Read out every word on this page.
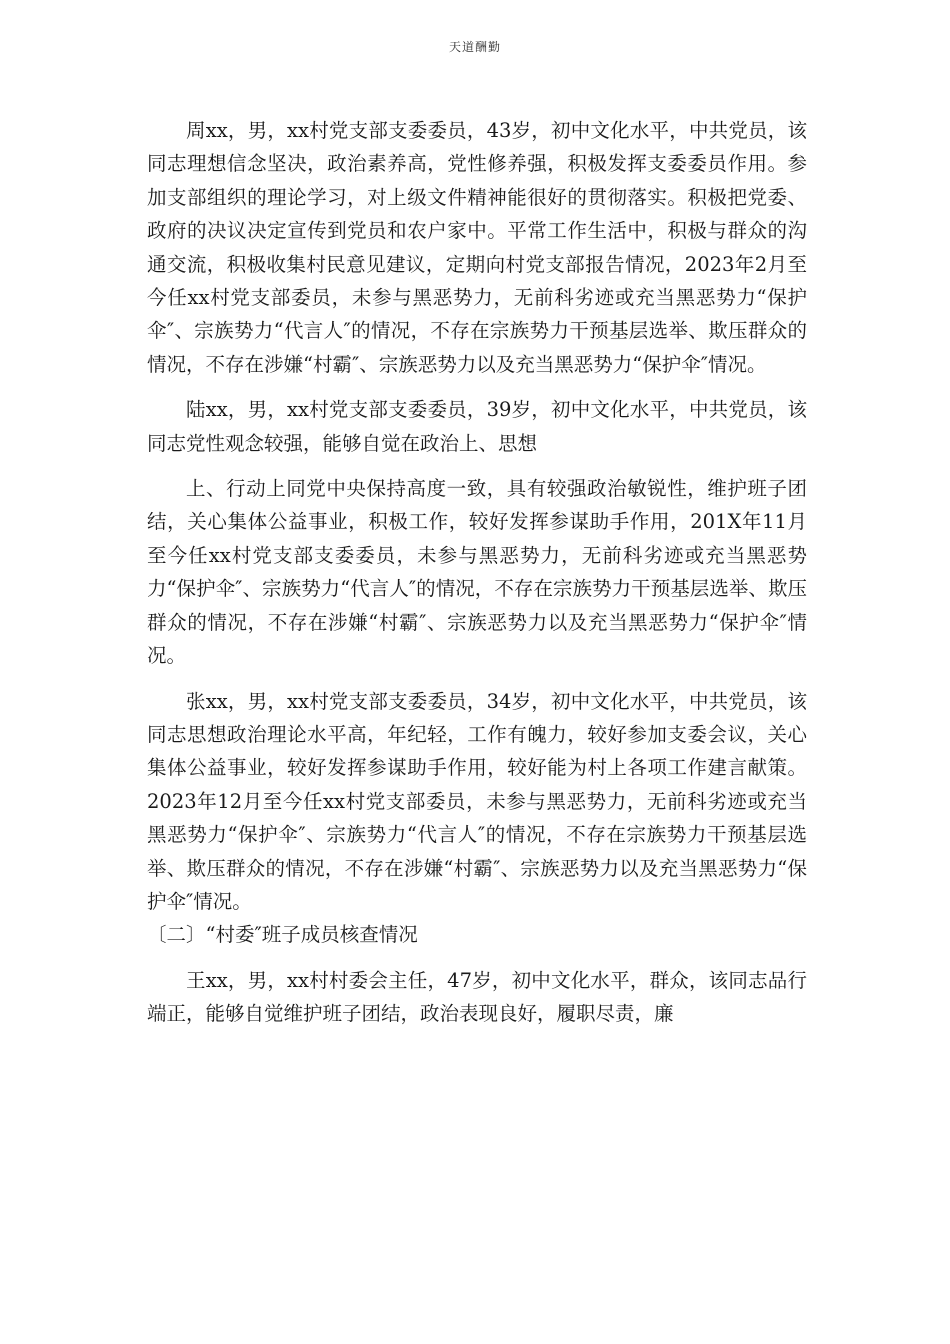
天道酬勤

周xx，男，xx村党支部支委委员，43岁，初中文化水平，中共党员，该同志理想信念坚决，政治素养高，党性修养强，积极发挥支委委员作用。参加支部组织的理论学习，对上级文件精神能很好的贯彻落实。积极把党委、政府的决议决定宣传到党员和农户家中。平常工作生活中，积极与群众的沟通交流，积极收集村民意见建议，定期向村党支部报告情况，2023年2月至今任xx村党支部委员，未参与黑恶势力，无前科劣迹或充当黑恶势力“保护伞″、宗族势力“代言人″的情况，不存在宗族势力干预基层选举、欺压群众的情况，不存在涉嫌“村霸″、宗族恶势力以及充当黑恶势力“保护伞″情况。

陆xx，男，xx村党支部支委委员，39岁，初中文化水平，中共党员，该同志党性观念较强，能够自觉在政治上、思想

上、行动上同党中央保持高度一致，具有较强政治敏锐性，维护班子团结，关心集体公益事业，积极工作，较好发挥参谋助手作用，201X年11月至今任xx村党支部支委委员，未参与黑恶势力，无前科劣迹或充当黑恶势力“保护伞″、宗族势力“代言人″的情况，不存在宗族势力干预基层选举、欺压群众的情况，不存在涉嫌“村霸″、宗族恶势力以及充当黑恶势力“保护伞″情况。

张xx，男，xx村党支部支委委员，34岁，初中文化水平，中共党员，该同志思想政治理论水平高，年纪轻，工作有魄力，较好参加支委会议，关心集体公益事业，较好发挥参谋助手作用，较好能为村上各项工作建言献策。2023年12月至今任xx村党支部委员，未参与黑恶势力，无前科劣迹或充当黑恶势力“保护伞″、宗族势力“代言人″的情况，不存在宗族势力干预基层选举、欺压群众的情况，不存在涉嫌“村霸″、宗族恶势力以及充当黑恶势力“保护伞″情况。

〔二〕“村委″班子成员核查情况

王xx，男，xx村村委会主任，47岁，初中文化水平，群众，该同志品行端正，能够自觉维护班子团结，政治表现良好，履职尽责，廉
